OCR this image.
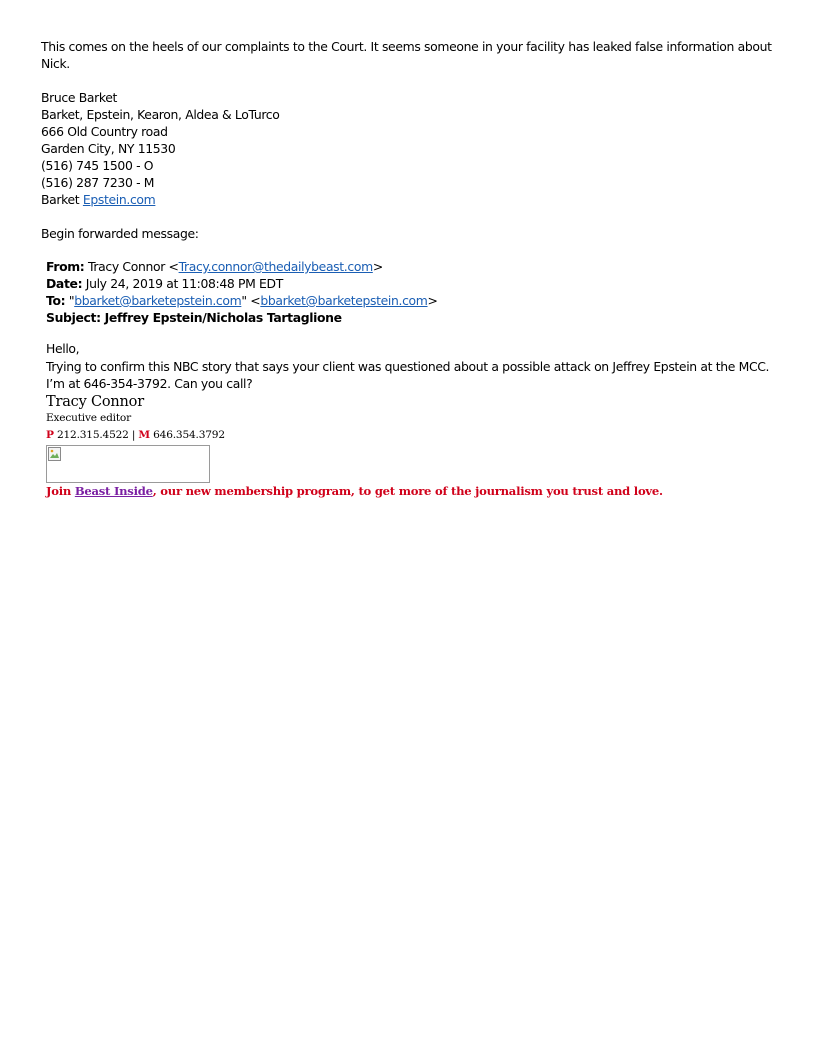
This comes on the heels of our complaints to the Court. It seems someone in your facility has leaked false information about Nick.

Bruce Barket
Barket, Epstein, Kearon, Aldea & LoTurco
666 Old Country road
Garden City, NY 11530
(516) 745 1500 - O
(516) 287 7230 - M
Barket Epstein.com
Begin forwarded message:
From: Tracy Connor <Tracy.connor@thedailybeast.com>
Date: July 24, 2019 at 11:08:48 PM EDT
To: "bbarket@barketepstein.com" <bbarket@barketepstein.com>
Subject: Jeffrey Epstein/Nicholas Tartaglione
Hello,
Trying to confirm this NBC story that says your client was questioned about a possible attack on Jeffrey Epstein at the MCC. I’m at 646-354-3792. Can you call?
Tracy Connor
Executive editor
P 212.315.4522 | M 646.354.3792
Join Beast Inside, our new membership program, to get more of the journalism you trust and love.
